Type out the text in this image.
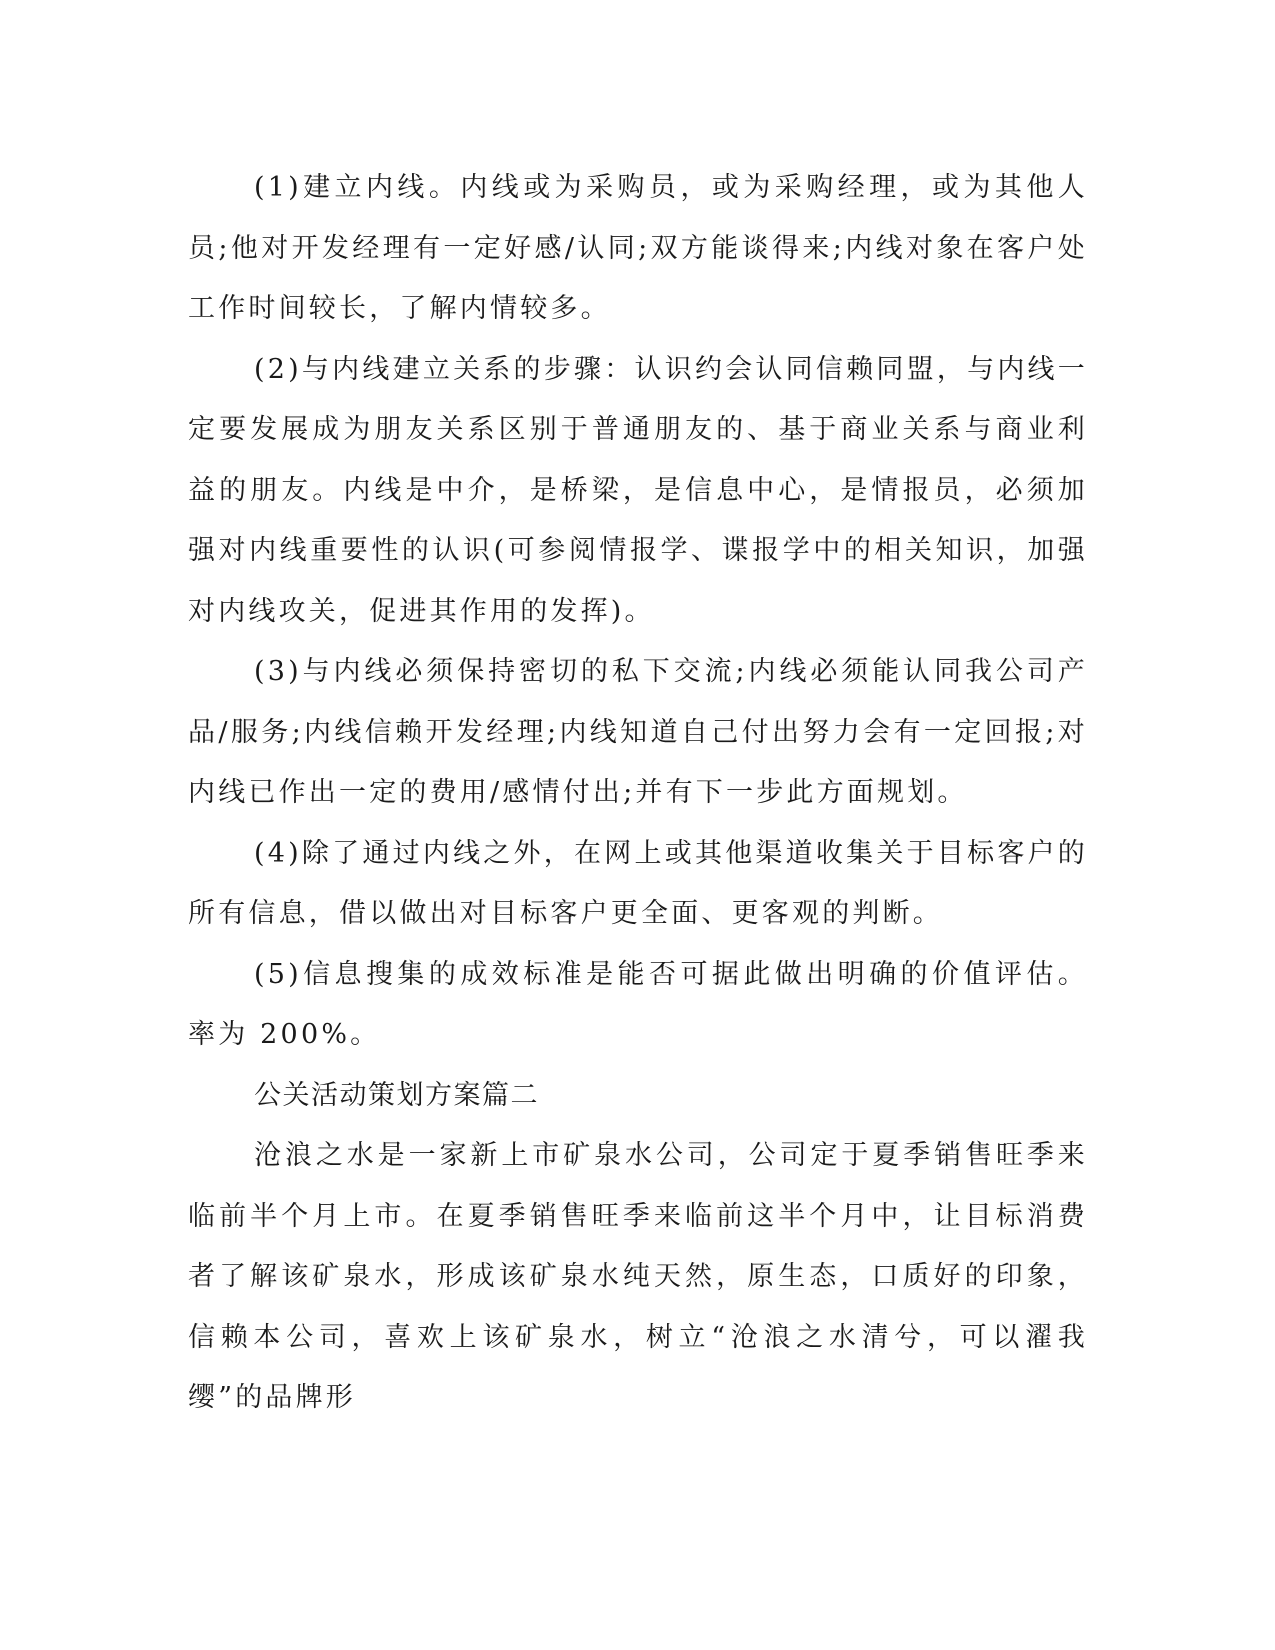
(1)建立内线。内线或为采购员，或为采购经理，或为其他人员;他对开发经理有一定好感/认同;双方能谈得来;内线对象在客户处工作时间较长，了解内情较多。

(2)与内线建立关系的步骤：认识约会认同信赖同盟，与内线一定要发展成为朋友关系区别于普通朋友的、基于商业关系与商业利益的朋友。内线是中介，是桥梁，是信息中心，是情报员，必须加强对内线重要性的认识(可参阅情报学、谍报学中的相关知识，加强对内线攻关，促进其作用的发挥)。

(3)与内线必须保持密切的私下交流;内线必须能认同我公司产品/服务;内线信赖开发经理;内线知道自己付出努力会有一定回报;对内线已作出一定的费用/感情付出;并有下一步此方面规划。

(4)除了通过内线之外，在网上或其他渠道收集关于目标客户的所有信息，借以做出对目标客户更全面、更客观的判断。

(5)信息搜集的成效标准是能否可据此做出明确的价值评估。 率为 200%。

公关活动策划方案篇二

沧浪之水是一家新上市矿泉水公司，公司定于夏季销售旺季来临前半个月上市。在夏季销售旺季来临前这半个月中，让目标消费者了解该矿泉水，形成该矿泉水纯天然，原生态，口质好的印象，信赖本公司，喜欢上该矿泉水，树立“沧浪之水清兮，可以濯我缨”的品牌形
